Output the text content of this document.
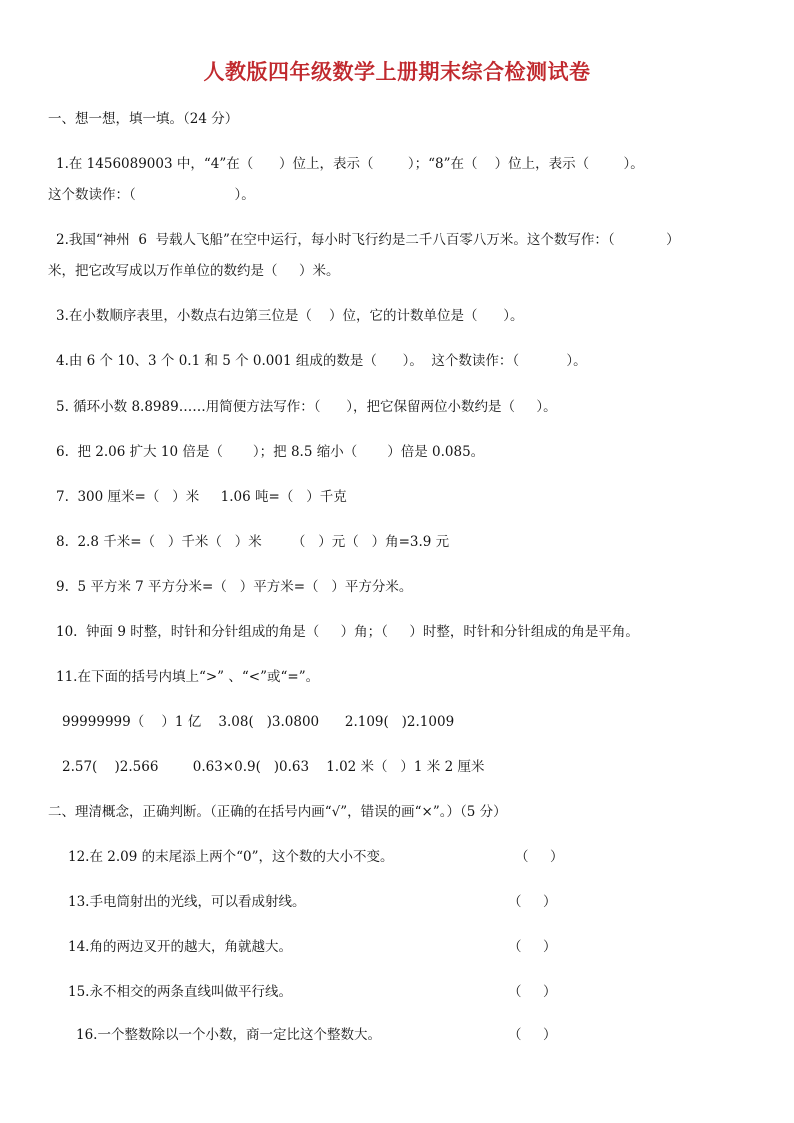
人教版四年级数学上册期末综合检测试卷
一、想一想，填一填。（24 分）
1.在 1456089003 中，“4”在（      ）位上，表示（        ）；“8”在（    ）位上，表示（        ）。
这个数读作：（                       ）。
2.我国“神州  6  号载人飞船”在空中运行，每小时飞行约是二千八百零八万米。这个数写作：（            ）
米，把它改写成以万作单位的数约是（     ）米。
3.在小数顺序表里，小数点右边第三位是（    ）位，它的计数单位是（      ）。
4.由 6 个 10、3 个 0.1 和 5 个 0.001 组成的数是（      ）。  这个数读作：（           ）。
5. 循环小数 8.8989……用简便方法写作：（      ），把它保留两位小数约是（     ）。
6.  把 2.06 扩大 10 倍是（       ）；把 8.5 缩小（       ）倍是 0.085。
7.  300 厘米=（   ）米     1.06 吨=（   ）千克
8.  2.8 千米=（   ）千米（   ）米       （   ）元（   ）角=3.9 元
9.  5 平方米 7 平方分米=（   ）平方米=（   ）平方分米。
10.  钟面 9 时整，时针和分针组成的角是（     ）角；（     ）时整，时针和分针组成的角是平角。
11.在下面的括号内填上“>” 、“<”或“=”。
99999999（    ）1 亿    3.08(   )3.0800      2.109(   )2.1009
2.57(    )2.566        0.63×0.9(   )0.63    1.02 米（   ）1 米 2 厘米
二、理清概念，正确判断。（正确的在括号内画“√”，错误的画“×”。）（5 分）
12.在 2.09 的末尾添上两个“0”，这个数的大小不变。	（     ）
13.手电筒射出的光线，可以看成射线。	（     ）
14.角的两边叉开的越大，角就越大。	（     ）
15.永不相交的两条直线叫做平行线。	（     ）
16.一个整数除以一个小数，商一定比这个整数大。	（     ）
